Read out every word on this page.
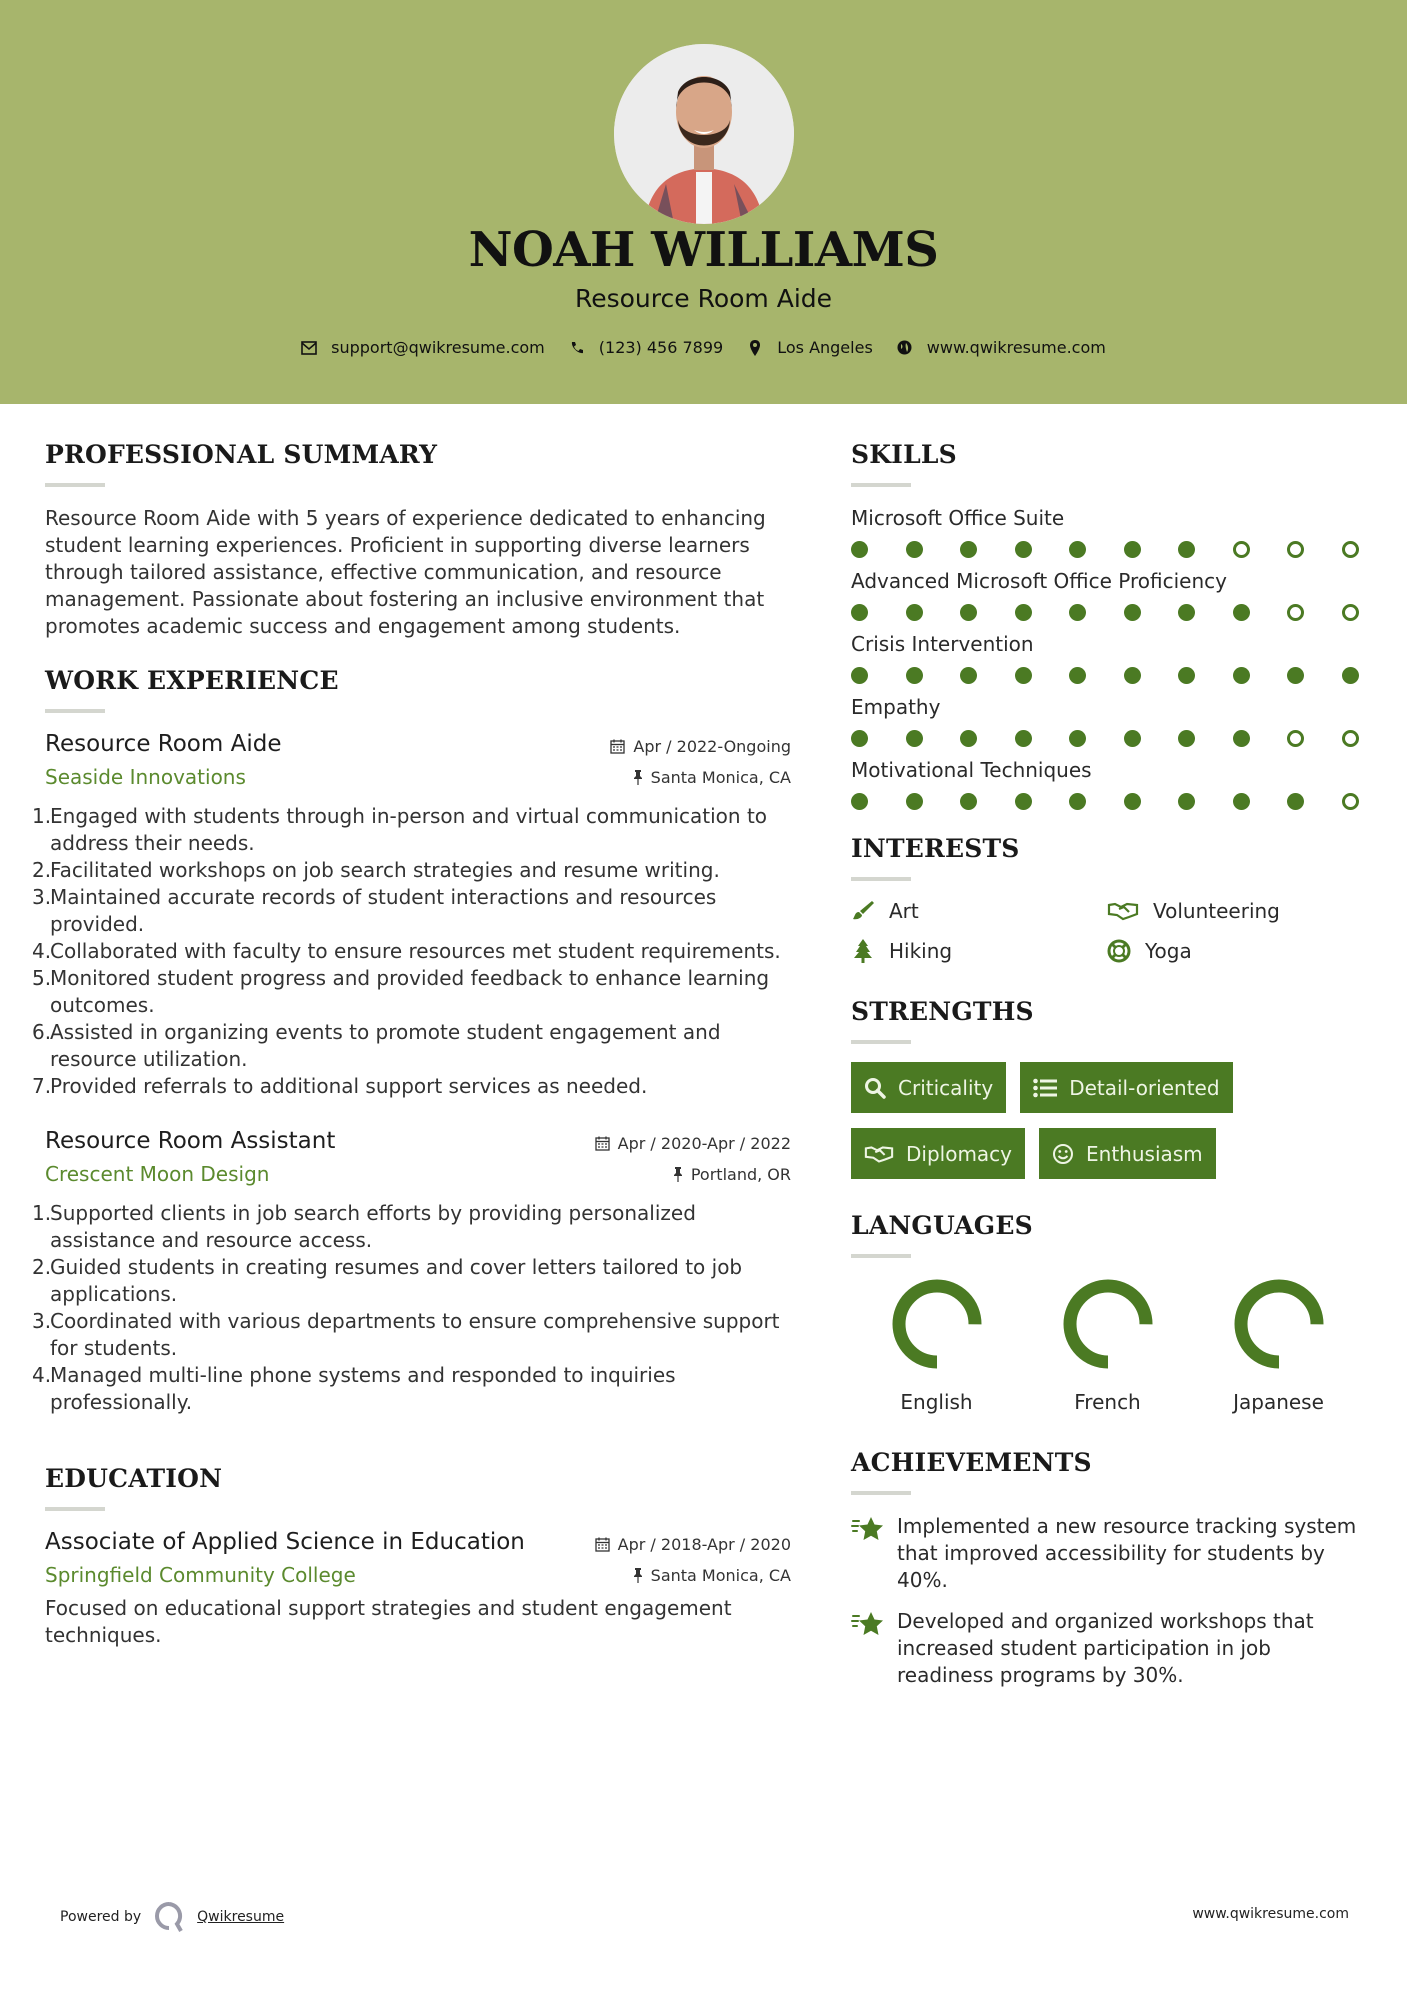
NOAH WILLIAMS
Resource Room Aide
support@qwikresume.com	(123) 456 7899	Los Angeles	www.qwikresume.com
PROFESSIONAL SUMMARY

Resource Room Aide with 5 years of experience dedicated to enhancing student learning experiences. Proficient in supporting diverse learners through tailored assistance, effective communication, and resource management. Passionate about fostering an inclusive environment that promotes academic success and engagement among students.

WORK EXPERIENCE
Resource Room Aide	Apr / 2022-Ongoing
Seaside Innovations	Santa Monica, CA
1.Engaged with students through in-person and virtual communication to address their needs.
2.Facilitated workshops on job search strategies and resume writing.
3.Maintained accurate records of student interactions and resources provided.
4.Collaborated with faculty to ensure resources met student requirements.
5.Monitored student progress and provided feedback to enhance learning outcomes.
6.Assisted in organizing events to promote student engagement and resource utilization.
7.Provided referrals to additional support services as needed.
Resource Room Assistant	Apr / 2020-Apr / 2022
Crescent Moon Design	Portland, OR
1.Supported clients in job search efforts by providing personalized assistance and resource access.
2.Guided students in creating resumes and cover letters tailored to job applications.
3.Coordinated with various departments to ensure comprehensive support for students.
4.Managed multi-line phone systems and responded to inquiries professionally.
EDUCATION
Associate of Applied Science in Education	Apr / 2018-Apr / 2020
Springfield Community College	Santa Monica, CA

Focused on educational support strategies and student engagement techniques.

SKILLS
Microsoft Office Suite
Advanced Microsoft Office Proficiency
Crisis Intervention
Empathy
Motivational Techniques
INTERESTS
Art	Volunteering
Hiking	Yoga
STRENGTHS
Criticality	Detail-oriented
Diplomacy	Enthusiasm
LANGUAGES
English	French	Japanese
ACHIEVEMENTS
Implemented a new resource tracking system that improved accessibility for students by 40%.
Developed and organized workshops that increased student participation in job readiness programs by 30%.
Powered by	Qwikresume	www.qwikresume.com
